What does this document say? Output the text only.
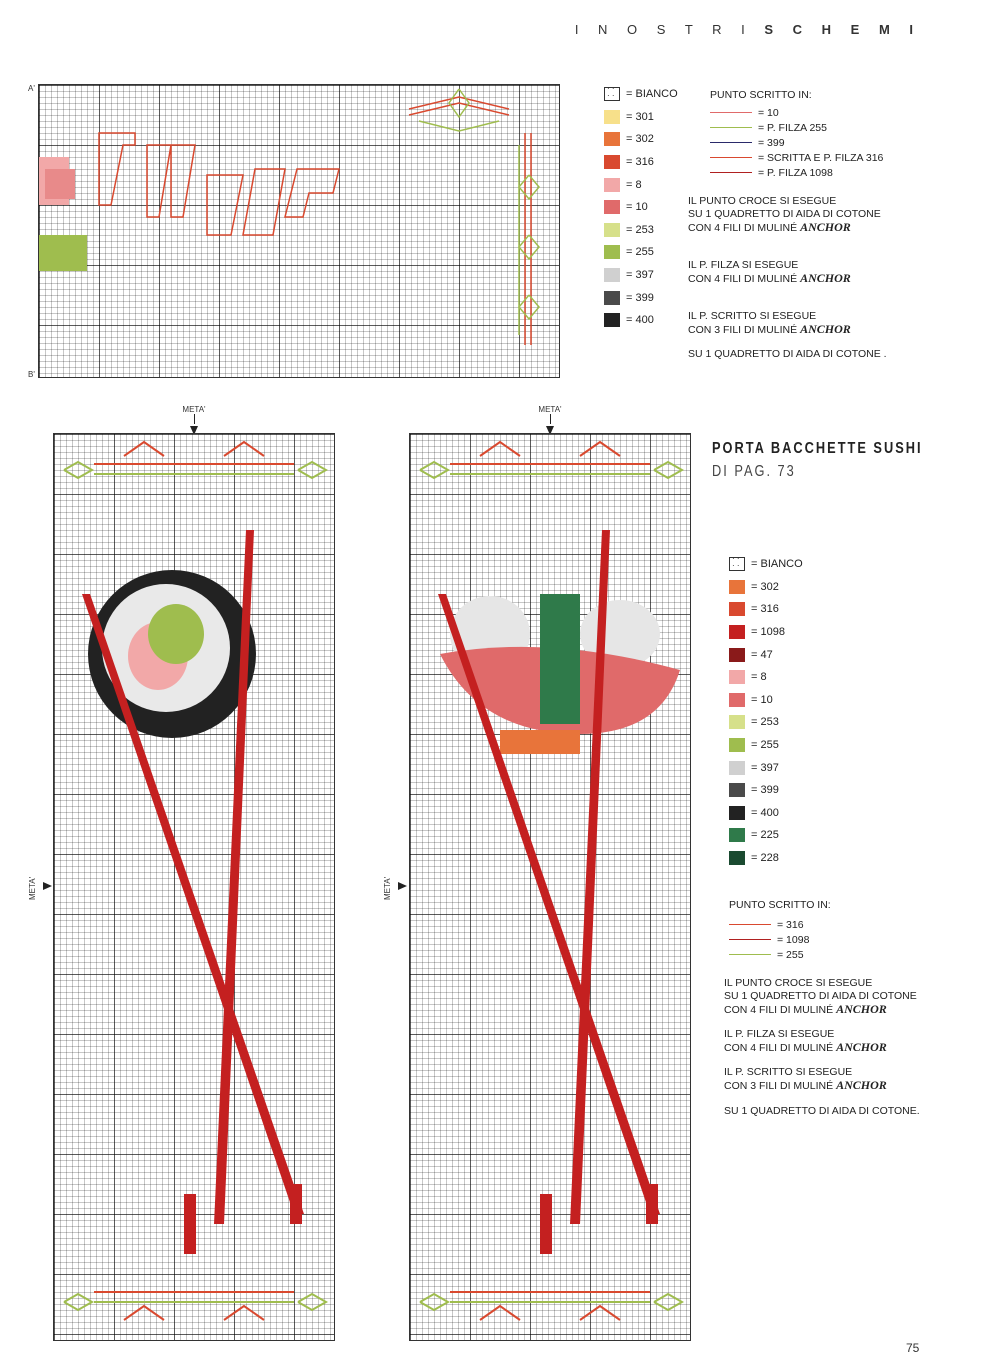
I N O S T R I S C H E M I
A'
B'
· · · ·
= BIANCO
= 301
= 302
= 316
= 8
= 10
= 253
= 255
= 397
= 399
= 400
PUNTO SCRITTO IN:
= 10
= P. FILZA 255
= 399
= SCRITTA E P. FILZA 316
= P. FILZA 1098
IL PUNTO CROCE SI ESEGUE
SU 1 QUADRETTO DI AIDA DI COTONE
CON 4 FILI DI MULINÉ ANCHOR
IL P. FILZA SI ESEGUE
CON 4 FILI DI MULINÉ ANCHOR
IL P. SCRITTO SI ESEGUE
CON 3 FILI DI MULINÉ ANCHOR
SU 1 QUADRETTO DI AIDA DI COTONE .
META'	META'
META'	META'
PORTA BACCHETTE SUSHI
DI PAG. 73
· · · ·
= BIANCO
= 302
= 316
= 1098
= 47
= 8
= 10
= 253
= 255
= 397
= 399
= 400
= 225
= 228
PUNTO SCRITTO IN:
= 316
= 1098
= 255
IL PUNTO CROCE SI ESEGUE
SU 1 QUADRETTO DI AIDA DI COTONE
CON 4 FILI DI MULINÉ ANCHOR
IL P. FILZA SI ESEGUE
CON 4 FILI DI MULINÉ ANCHOR
IL P. SCRITTO SI ESEGUE
CON 3 FILI DI MULINÉ ANCHOR
SU 1 QUADRETTO DI AIDA DI COTONE.
75
